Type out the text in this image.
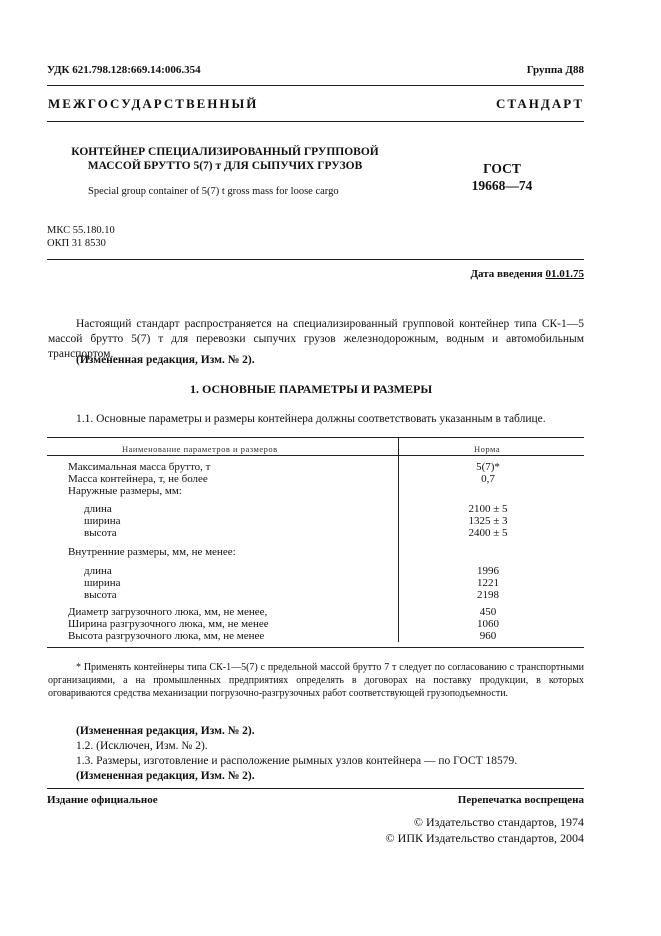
УДК 621.798.128:669.14:006.354	Группа Д88
МЕЖГОСУДАРСТВЕННЫЙ СТАНДАРТ
КОНТЕЙНЕР СПЕЦИАЛИЗИРОВАННЫЙ ГРУППОВОЙ
МАССОЙ БРУТТО 5(7) т ДЛЯ СЫПУЧИХ ГРУЗОВ
Special group container of 5(7) t gross mass for loose cargo
ГОСТ
19668—74
МКС 55.180.10
ОКП 31 8530
Дата введения 01.01.75
Настоящий стандарт распространяется на специализированный групповой контейнер типа СК-1—5 массой брутто 5(7) т для перевозки сыпучих грузов железнодорожным, водным и автомобильным транспортом.
(Измененная редакция, Изм. № 2).
1. ОСНОВНЫЕ ПАРАМЕТРЫ И РАЗМЕРЫ
1.1. Основные параметры и размеры контейнера должны соответствовать указанным в таблице.
Наименование параметров и размеров	Норма
Максимальная масса брутто, т	5(7)*
Масса контейнера, т, не более	0,7
Наружные размеры, мм:
длина	2100 ± 5
ширина	1325 ± 3
высота	2400 ± 5
Внутренние размеры, мм, не менее:
длина	1996
ширина	1221
высота	2198
Диаметр загрузочного люка, мм, не менее,	450
Ширина разгрузочного люка, мм, не менее	1060
Высота разгрузочного люка, мм, не менее	960
* Применять контейнеры типа СК-1—5(7) с предельной массой брутто 7 т следует по согласованию с транспортными организациями, а на промышленных предприятиях определять в договорах на поставку продукции, в которых оговариваются средства механизации погрузочно-разгрузочных работ соответствующей грузоподъемности.
(Измененная редакция, Изм. № 2).
1.2. (Исключен, Изм. № 2).
1.3. Размеры, изготовление и расположение рымных узлов контейнера — по ГОСТ 18579.
(Измененная редакция, Изм. № 2).
Издание официальное	Перепечатка воспрещена
© Издательство стандартов, 1974
© ИПК Издательство стандартов, 2004
